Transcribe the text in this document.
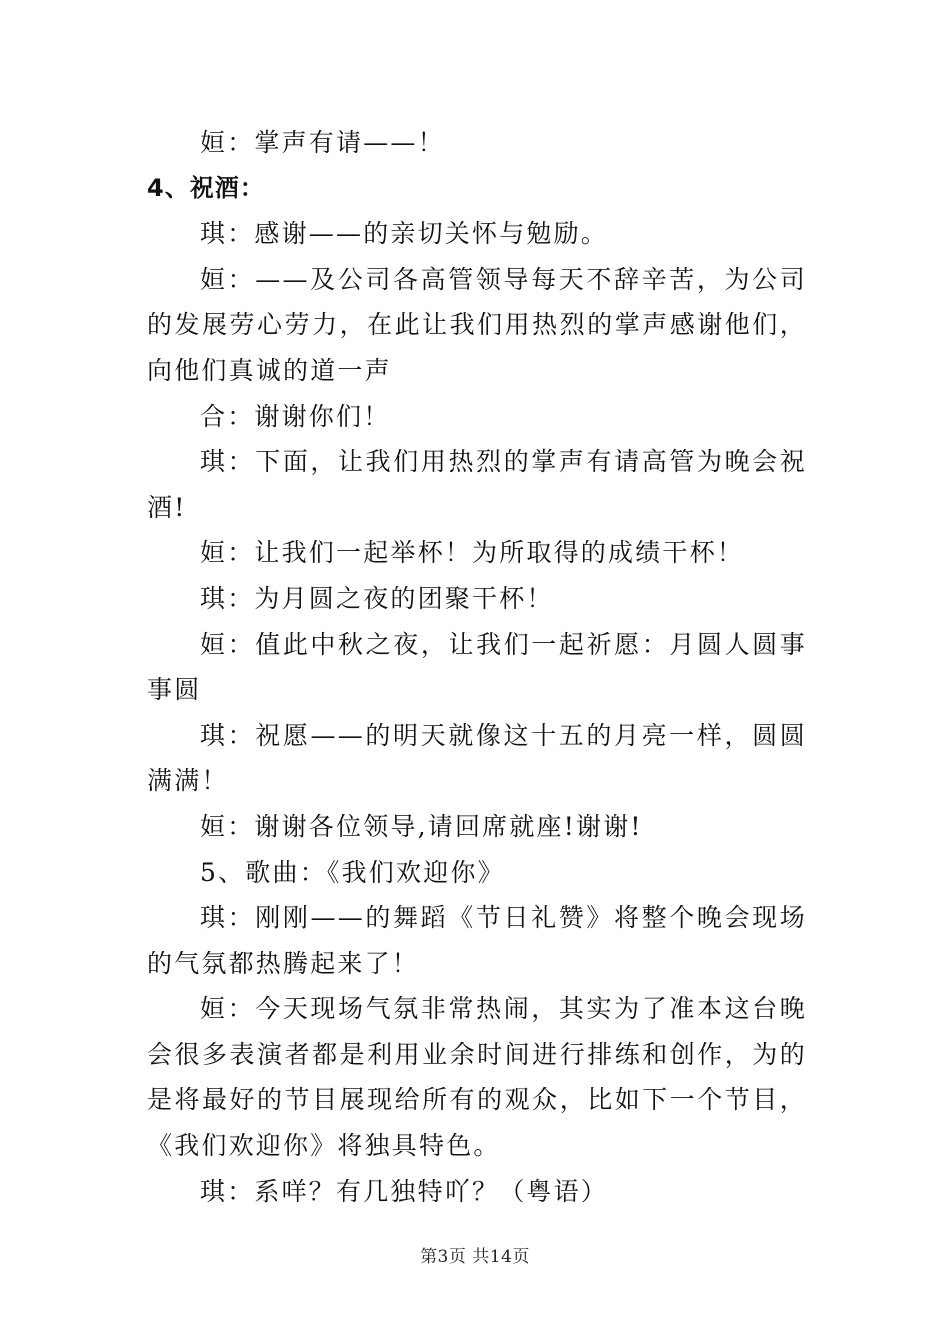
姮：掌声有请——！

4、祝酒：

琪：感谢——的亲切关怀与勉励。

姮：——及公司各高管领导每天不辞辛苦，为公司的发展劳心劳力，在此让我们用热烈的掌声感谢他们，向他们真诚的道一声

合：谢谢你们！

琪：下面，让我们用热烈的掌声有请高管为晚会祝酒!

姮：让我们一起举杯！为所取得的成绩干杯！

琪：为月圆之夜的团聚干杯！

姮：值此中秋之夜，让我们一起祈愿：月圆人圆事事圆

琪：祝愿——的明天就像这十五的月亮一样，圆圆满满！

姮：谢谢各位领导,请回席就座!谢谢!

5、歌曲：《我们欢迎你》

琪：刚刚——的舞蹈《节日礼赞》将整个晚会现场的气氛都热腾起来了！

姮：今天现场气氛非常热闹，其实为了准本这台晚会很多表演者都是利用业余时间进行排练和创作，为的是将最好的节目展现给所有的观众，比如下一个节目，《我们欢迎你》将独具特色。

琪：系咩？有几独特吖？（粤语）

第3页 共14页
